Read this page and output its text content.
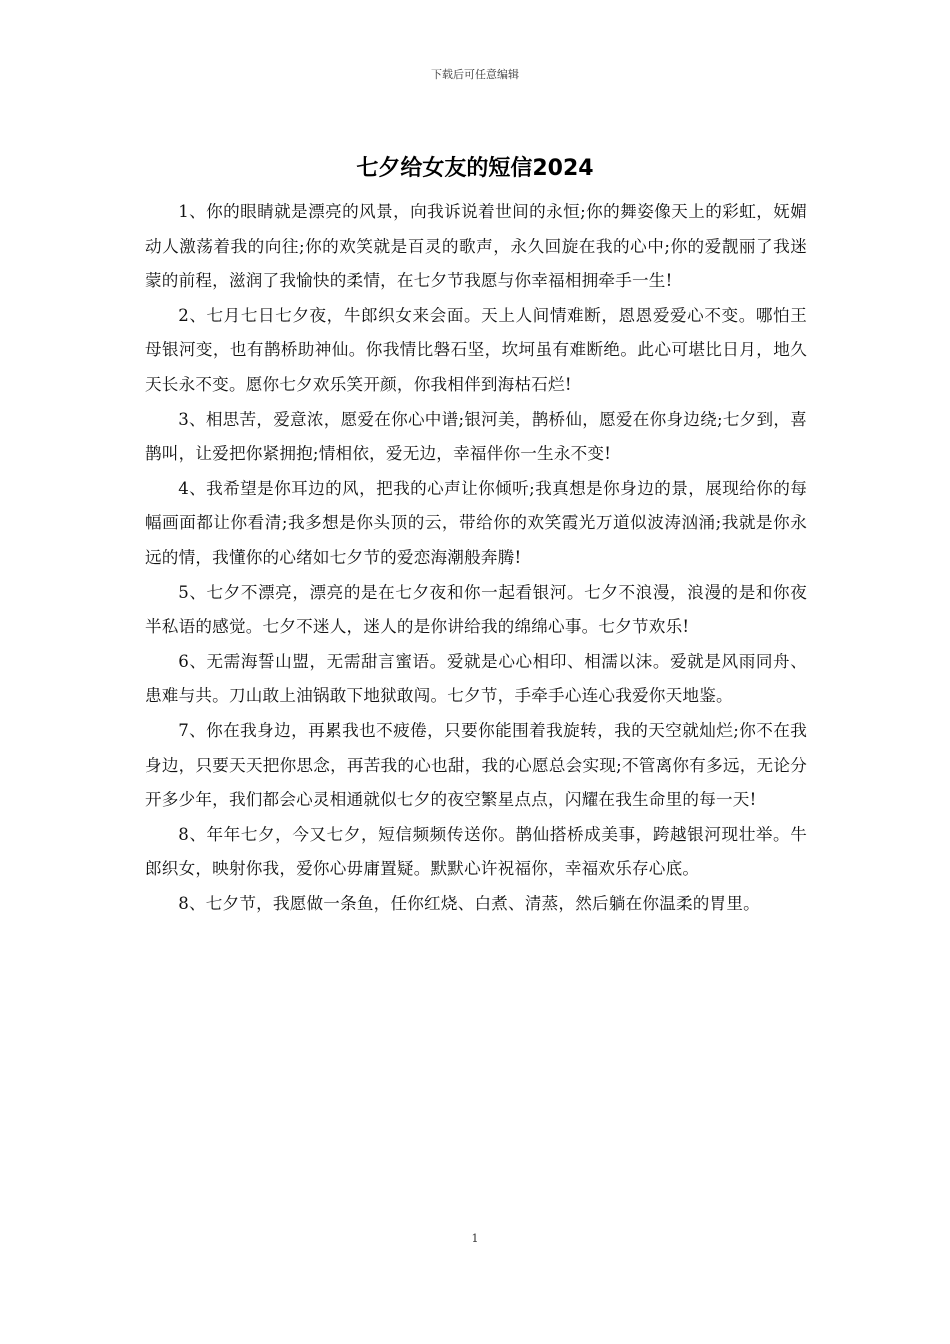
下载后可任意编辑
七夕给女友的短信2024

1、你的眼睛就是漂亮的风景，向我诉说着世间的永恒;你的舞姿像天上的彩虹，妩媚动人激荡着我的向往;你的欢笑就是百灵的歌声，永久回旋在我的心中;你的爱靓丽了我迷蒙的前程，滋润了我愉快的柔情，在七夕节我愿与你幸福相拥牵手一生!

2、七月七日七夕夜，牛郎织女来会面。天上人间情难断，恩恩爱爱心不变。哪怕王母银河变，也有鹊桥助神仙。你我情比磐石坚，坎坷虽有难断绝。此心可堪比日月，地久天长永不变。愿你七夕欢乐笑开颜，你我相伴到海枯石烂!

3、相思苦，爱意浓，愿爱在你心中谱;银河美，鹊桥仙，愿爱在你身边绕;七夕到，喜鹊叫，让爱把你紧拥抱;情相依，爱无边，幸福伴你一生永不变!

4、我希望是你耳边的风，把我的心声让你倾听;我真想是你身边的景，展现给你的每幅画面都让你看清;我多想是你头顶的云，带给你的欢笑霞光万道似波涛汹涌;我就是你永远的情，我懂你的心绪如七夕节的爱恋海潮般奔腾!

5、七夕不漂亮，漂亮的是在七夕夜和你一起看银河。七夕不浪漫，浪漫的是和你夜半私语的感觉。七夕不迷人，迷人的是你讲给我的绵绵心事。七夕节欢乐!

6、无需海誓山盟，无需甜言蜜语。爱就是心心相印、相濡以沫。爱就是风雨同舟、患难与共。刀山敢上油锅敢下地狱敢闯。七夕节，手牵手心连心我爱你天地鉴。

7、你在我身边，再累我也不疲倦，只要你能围着我旋转，我的天空就灿烂;你不在我身边，只要天天把你思念，再苦我的心也甜，我的心愿总会实现;不管离你有多远，无论分开多少年，我们都会心灵相通就似七夕的夜空繁星点点，闪耀在我生命里的每一天!

8、年年七夕，今又七夕，短信频频传送你。鹊仙搭桥成美事，跨越银河现壮举。牛郎织女，映射你我，爱你心毋庸置疑。默默心许祝福你，幸福欢乐存心底。

8、七夕节，我愿做一条鱼，任你红烧、白煮、清蒸，然后躺在你温柔的胃里。

1
